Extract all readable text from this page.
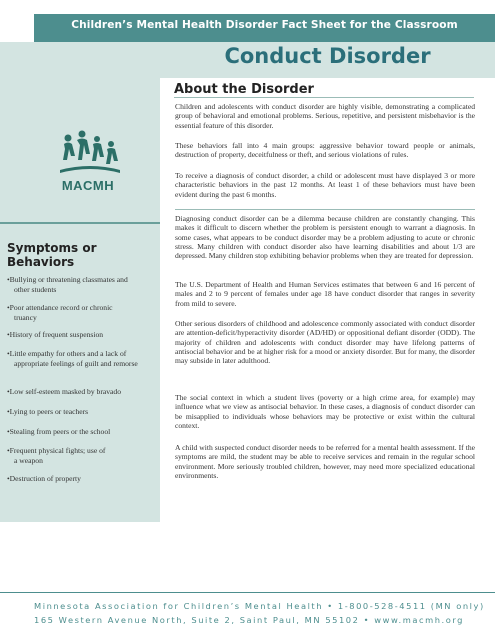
Children’s Mental Health Disorder Fact Sheet for the Classroom
MACMH
Conduct Disorder
About the Disorder
Children and adolescents with conduct disorder are highly visible, demonstrating a complicated group of behavioral and emotional problems. Serious, repetitive, and persistent misbehavior is the essential feature of this disorder.
These behaviors fall into 4 main groups: aggressive behavior toward people or animals, destruction of property, deceitfulness or theft, and serious violations of rules.
To receive a diagnosis of conduct disorder, a child or adolescent must have displayed 3 or more characteristic behaviors in the past 12 months. At least 1 of these behaviors must have been evident during the past 6 months.
Diagnosing conduct disorder can be a dilemma because children are constantly changing. This makes it difficult to discern whether the problem is persistent enough to warrant a diagnosis. In some cases, what appears to be conduct disorder may be a problem adjusting to acute or chronic stress. Many children with conduct disorder also have learning disabilities and about 1/3 are depressed. Many children stop exhibiting behavior problems when they are treated for depression.
The U.S. Department of Health and Human Services estimates that between 6 and 16 percent of males and 2 to 9 percent of females under age 18 have conduct disorder that ranges in severity from mild to severe.
Other serious disorders of childhood and adolescence commonly associated with conduct disorder are attention-deficit/hyperactivity disorder (AD/HD) or oppositional defiant disorder (ODD). The majority of children and adolescents with conduct disorder may have lifelong patterns of antisocial behavior and be at higher risk for a mood or anxiety disorder. But for many, the disorder may subside in later adulthood.
The social context in which a student lives (poverty or a high crime area, for example) may influence what we view as antisocial behavior. In these cases, a diagnosis of conduct disorder can be misapplied to individuals whose behaviors may be protective or exist within the cultural context.
A child with suspected conduct disorder needs to be referred for a mental health assessment. If the symptoms are mild, the student may be able to receive services and remain in the regular school environment. More seriously troubled children, however, may need more specialized educational environments.
Symptoms or Behaviors
•Bullying or threatening classmates and
other students
•Poor attendance record or chronic
truancy
•History of frequent suspension
•Little empathy for others and a lack of
appropriate feelings of guilt and remorse
•Low self-esteem masked by bravado
•Lying to peers or teachers
•Stealing from peers or the school
•Frequent physical fights; use of
a weapon
•Destruction of property
Minnesota Association for Children’s Mental Health • 1-800-528-4511 (MN only)
165 Western Avenue North, Suite 2, Saint Paul, MN 55102 • www.macmh.org
